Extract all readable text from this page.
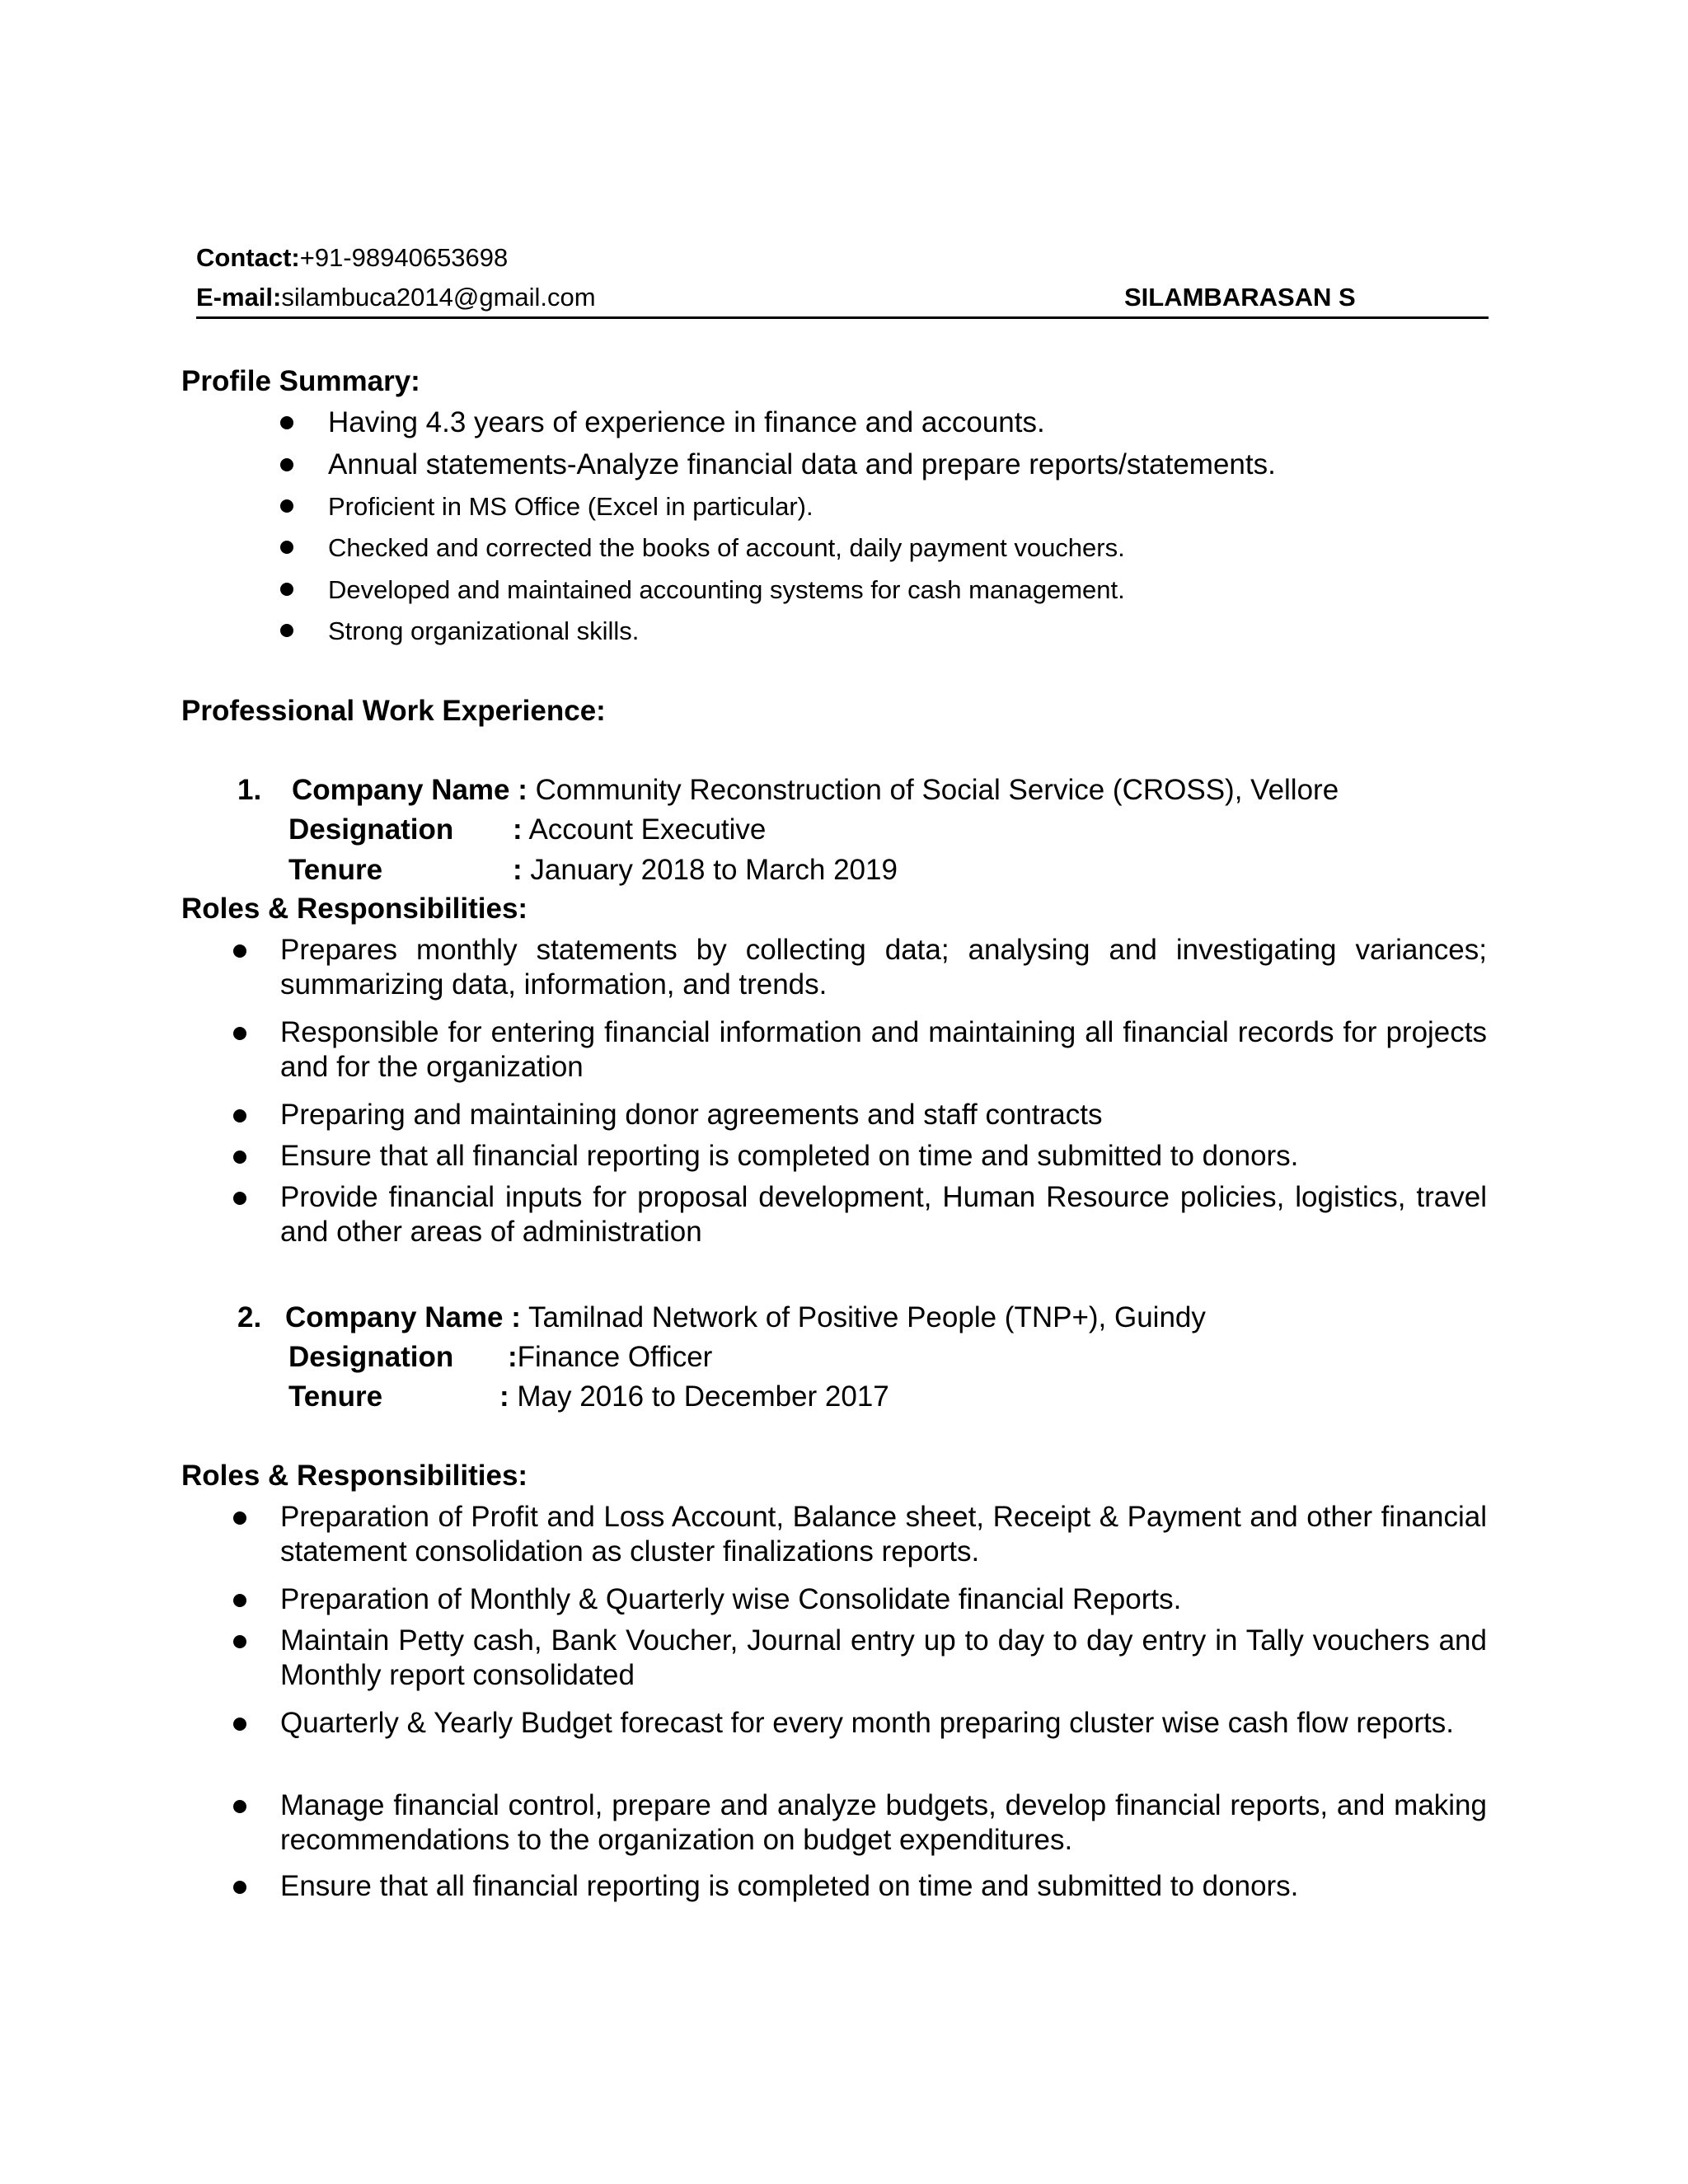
Contact:+91-98940653698
E-mail:silambuca2014@gmail.com	SILAMBARASAN S
Profile Summary:
Having 4.3 years of experience in finance and accounts.
Annual statements-Analyze financial data and prepare reports/statements.
Proficient in MS Office (Excel in particular).
Checked and corrected the books of account, daily payment vouchers.
Developed and maintained accounting systems for cash management.
Strong organizational skills.
Professional Work Experience:
1. Company Name : Community Reconstruction of Social Service (CROSS), Vellore
Designation : Account Executive
Tenure	: January 2018 to March 2019
Roles & Responsibilities:
Prepares monthly statements by collecting data; analysing and investigating variances; summarizing data, information, and trends.
Responsible for entering financial information and maintaining all financial records for projects and for the organization
Preparing and maintaining donor agreements and staff contracts
Ensure that all financial reporting is completed on time and submitted to donors.
Provide financial inputs for proposal development, Human Resource policies, logistics, travel and other areas of administration
2. Company Name : Tamilnad Network of Positive People (TNP+), Guindy
Designation :Finance Officer
Tenure	: May 2016 to December 2017
Roles & Responsibilities:
Preparation of Profit and Loss Account, Balance sheet, Receipt & Payment and other financial statement consolidation as cluster finalizations reports.
Preparation of Monthly & Quarterly wise Consolidate financial Reports.
Maintain Petty cash, Bank Voucher, Journal entry up to day to day entry in Tally vouchers and Monthly report consolidated
Quarterly & Yearly Budget forecast for every month preparing cluster wise cash flow reports.
Manage financial control, prepare and analyze budgets, develop financial reports, and making recommendations to the organization on budget expenditures.
Ensure that all financial reporting is completed on time and submitted to donors.
